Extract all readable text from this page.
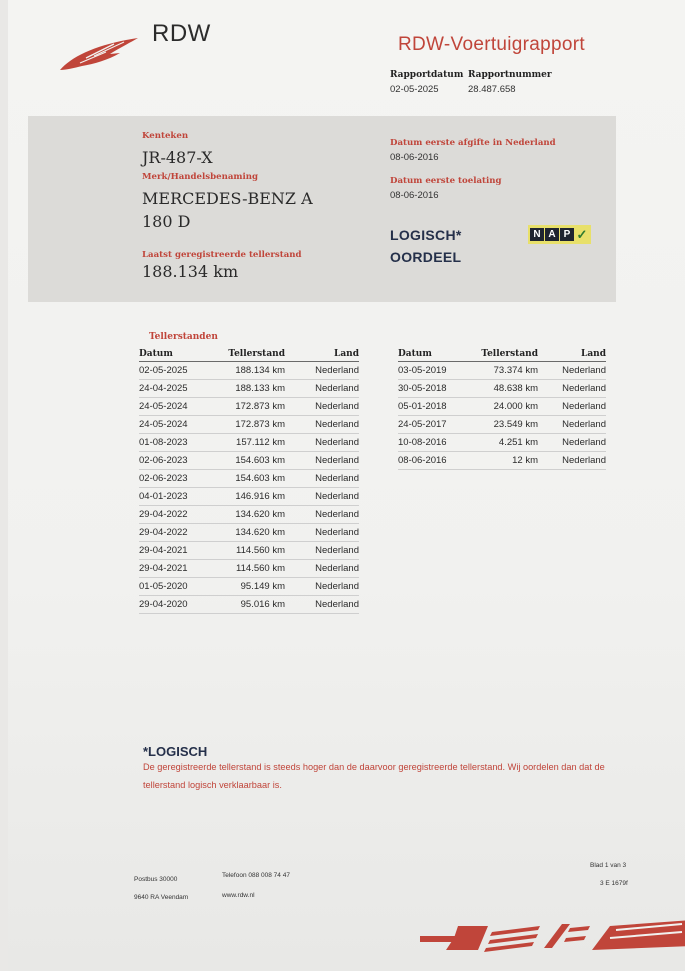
RDW	RDW-Voertuigrapport
Rapportdatum
02-05-2025
Rapportnummer
28.487.658
Kenteken
JR-487-X
Merk/Handelsbenaming
MERCEDES-BENZ A
180 D
Laatst geregistreerde tellerstand
188.134 km
Datum eerste afgifte in Nederland
08-06-2016
Datum eerste toelating
08-06-2016
LOGISCH*
OORDEEL
N A P ✓
Tellerstanden
Datum	Tellerstand	Land
02-05-2025	188.134 km	Nederland
24-04-2025	188.133 km	Nederland
24-05-2024	172.873 km	Nederland
24-05-2024	172.873 km	Nederland
01-08-2023	157.112 km	Nederland
02-06-2023	154.603 km	Nederland
02-06-2023	154.603 km	Nederland
04-01-2023	146.916 km	Nederland
29-04-2022	134.620 km	Nederland
29-04-2022	134.620 km	Nederland
29-04-2021	114.560 km	Nederland
29-04-2021	114.560 km	Nederland
01-05-2020	95.149 km	Nederland
29-04-2020	95.016 km	Nederland
Datum	Tellerstand	Land
03-05-2019	73.374 km	Nederland
30-05-2018	48.638 km	Nederland
05-01-2018	24.000 km	Nederland
24-05-2017	23.549 km	Nederland
10-08-2016	4.251 km	Nederland
08-06-2016	12 km	Nederland
*LOGISCH
De geregistreerde tellerstand is steeds hoger dan de daarvoor geregistreerde tellerstand. Wij oordelen dan dat de tellerstand logisch verklaarbaar is.
Postbus 30000
9640 RA Veendam
Telefoon 088 008 74 47
www.rdw.nl
Blad 1 van 3
3 E 1679f
